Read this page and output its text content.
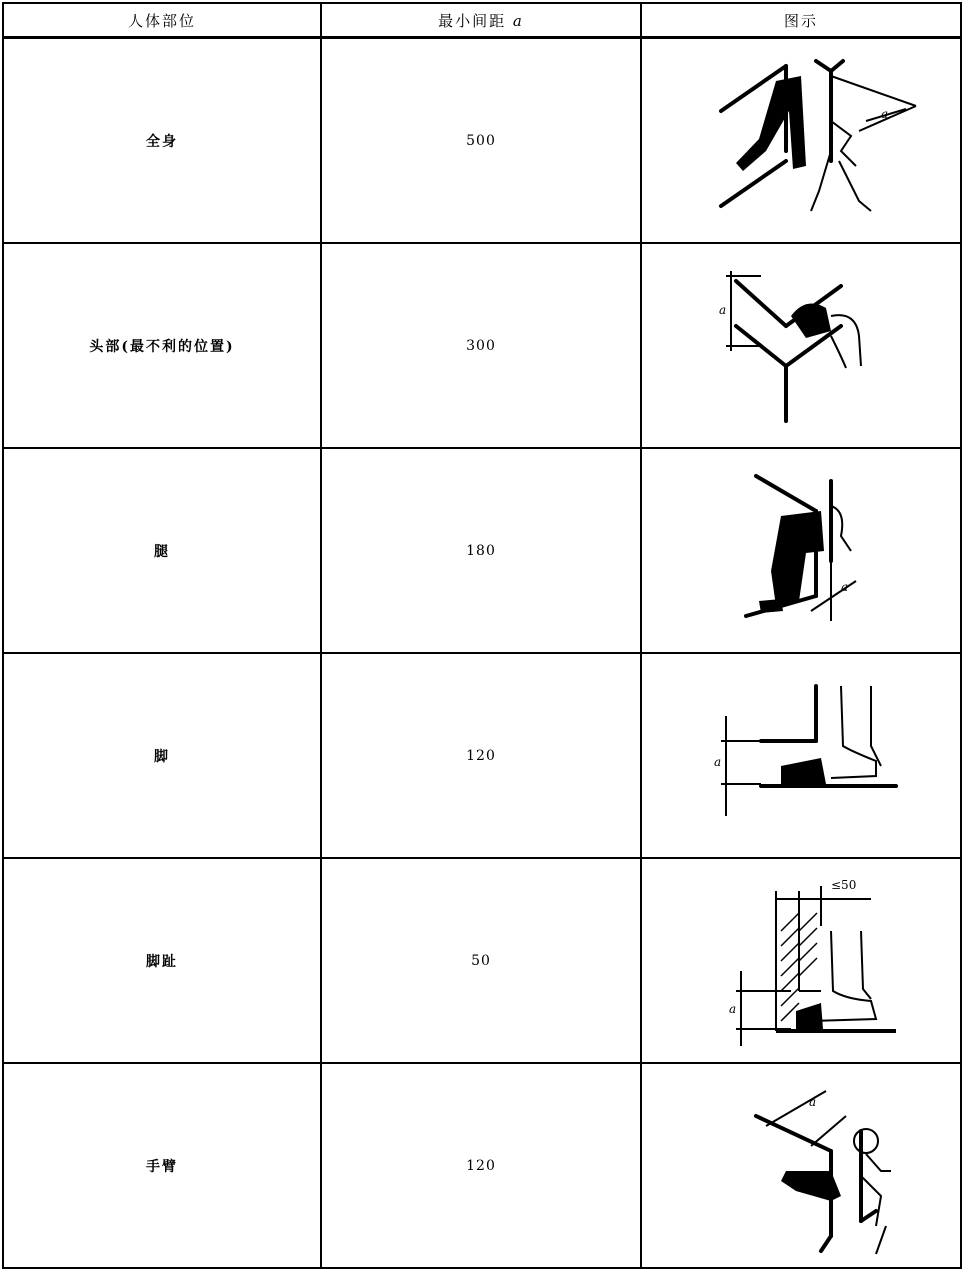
人体部位	最小间距 a	图示
全身	500	a

头部(最不利的位置)	300	a

腿	180	a

脚	120	a

脚趾	50	≤50
a

手臂	120	a
